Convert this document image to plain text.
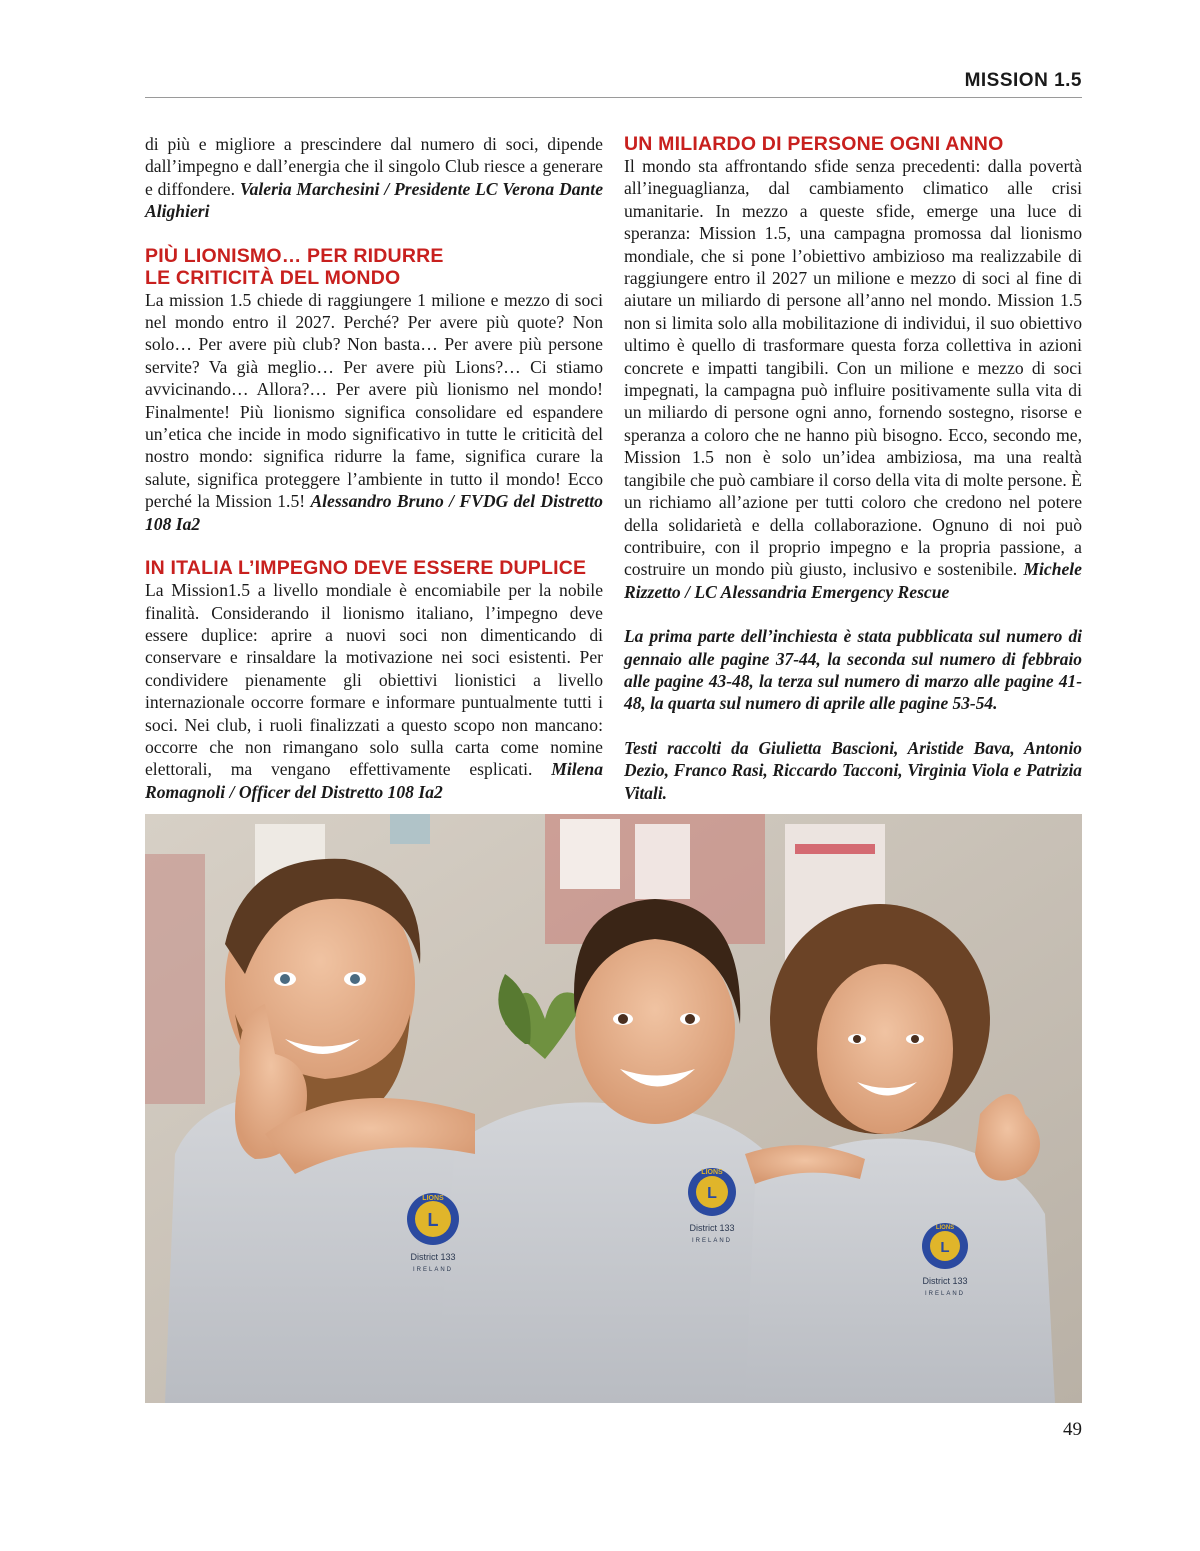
MISSION 1.5

di più e migliore a prescindere dal numero di soci, dipende dall’impegno e dall’energia che il singolo Club riesce a generare e diffondere. Valeria Marchesini / Presidente LC Verona Dante Alighieri

PIÙ LIONISMO… PER RIDURRE
LE CRITICITÀ DEL MONDO

La mission 1.5 chiede di raggiungere 1 milione e mezzo di soci nel mondo entro il 2027. Perché? Per avere più quote? Non solo… Per avere più club? Non basta… Per avere più persone servite? Va già meglio… Per avere più Lions?… Ci stiamo avvicinando… Allora?… Per avere più lionismo nel mondo! Finalmente! Più lionismo significa consolidare ed espandere un’etica che incide in modo significativo in tutte le criticità del nostro mondo: significa ridurre la fame, significa curare la salute, significa proteggere l’ambiente in tutto il mondo! Ecco perché la Mission 1.5! Alessandro Bruno / FVDG del Distretto 108 Ia2

IN ITALIA L’IMPEGNO DEVE ESSERE DUPLICE

La Mission1.5 a livello mondiale è encomiabile per la nobile finalità. Considerando il lionismo italiano, l’impegno deve essere duplice: aprire a nuovi soci non dimenticando di conservare e rinsaldare la motivazione nei soci esistenti. Per condividere pienamente gli obiettivi lionistici a livello internazionale occorre formare e informare puntualmente tutti i soci. Nei club, i ruoli finalizzati a questo scopo non mancano: occorre che non rimangano solo sulla carta come nomine elettorali, ma vengano effettivamente esplicati. Milena Romagnoli / Officer del Distretto 108 Ia2

UN MILIARDO DI PERSONE OGNI ANNO

Il mondo sta affrontando sfide senza precedenti: dalla povertà all’ineguaglianza, dal cambiamento climatico alle crisi umanitarie. In mezzo a queste sfide, emerge una luce di speranza: Mission 1.5, una campagna promossa dal lionismo mondiale, che si pone l’obiettivo ambizioso ma realizzabile di raggiungere entro il 2027 un milione e mezzo di soci al fine di aiutare un miliardo di persone all’anno nel mondo. Mission 1.5 non si limita solo alla mobilitazione di individui, il suo obiettivo ultimo è quello di trasformare questa forza collettiva in azioni concrete e impatti tangibili. Con un milione e mezzo di soci impegnati, la campagna può influire positivamente sulla vita di un miliardo di persone ogni anno, fornendo sostegno, risorse e speranza a coloro che ne hanno più bisogno. Ecco, secondo me, Mission 1.5 non è solo un’idea ambiziosa, ma una realtà tangibile che può cambiare il corso della vita di molte persone. È un richiamo all’azione per tutti coloro che credono nel potere della solidarietà e della collaborazione. Ognuno di noi può contribuire, con il proprio impegno e la propria passione, a costruire un mondo più giusto, inclusivo e sostenibile. Michele Rizzetto / LC Alessandria Emergency Rescue

La prima parte dell’inchiesta è stata pubblicata sul numero di gennaio alle pagine 37-44, la seconda sul numero di febbraio alle pagine 43-48, la terza sul numero di marzo alle pagine 41-48, la quarta sul numero di aprile alle pagine 53-54.

Testi raccolti da Giulietta Bascioni, Aristide Bava, Antonio Dezio, Franco Rasi, Riccardo Tacconi, Virginia Viola e Patrizia Vitali.

L
LIONS
District 133
IRELAND
L
LIONS
District 133
IRELAND	L
LIONS
District 133
IRELAND
49
